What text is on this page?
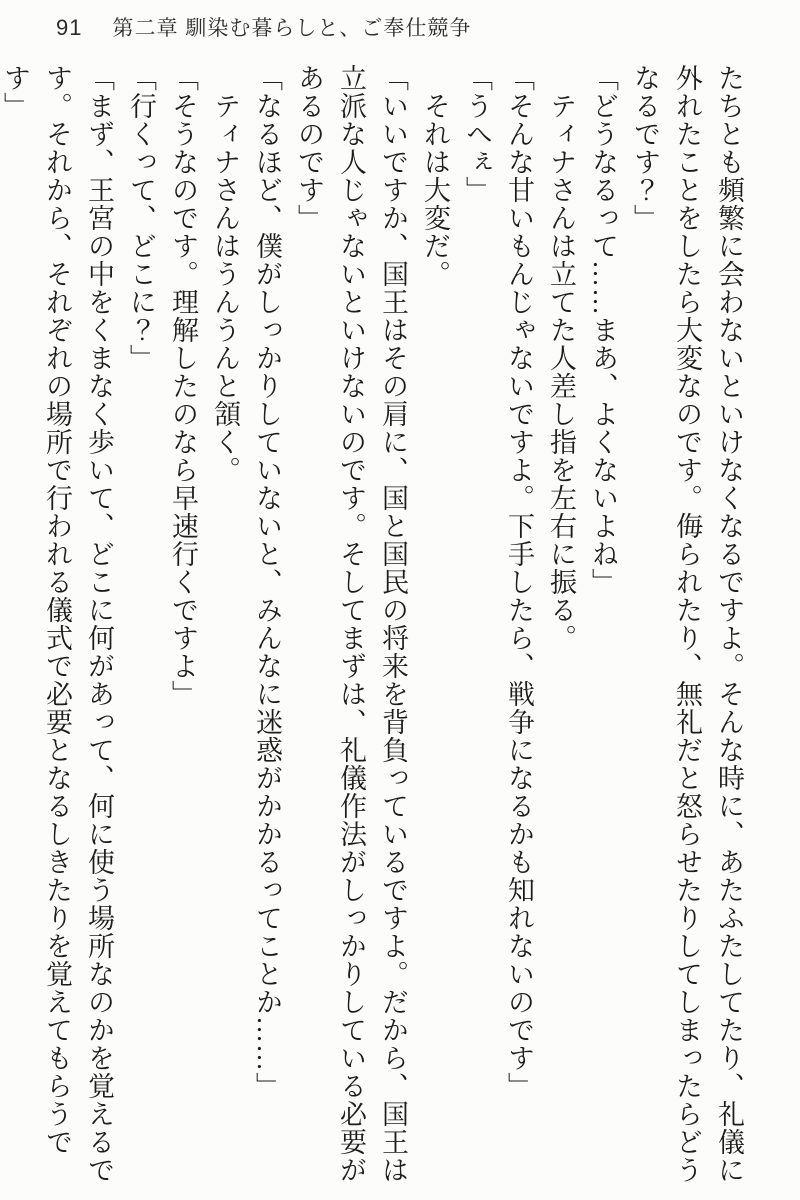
91 第二章 馴染む暮らしと、ご奉仕競争

たちとも頻繁に会わないといけなくなるですよ。そんな時に、あたふたしてたり、礼儀に

外れたことをしたら大変なのです。侮られたり、無礼だと怒らせたりしてしまったらどう

なるです？」

「どうなるって……まあ、よくないよね」

ティナさんは立てた人差し指を左右に振る。

「そんな甘いもんじゃないですよ。下手したら、戦争になるかも知れないのです」

「うへぇ」

それは大変だ。

「いいですか、国王はその肩に、国と国民の将来を背負っているですよ。だから、国王は

立派な人じゃないといけないのです。そしてまずは、礼儀作法がしっかりしている必要が

あるのです」

「なるほど、僕がしっかりしていないと、みんなに迷惑がかかるってことか……」

ティナさんはうんうんと頷く。

「そうなのです。理解したのなら早速行くですよ」

「行くって、どこに？」

「まず、王宮の中をくまなく歩いて、どこに何があって、何に使う場所なのかを覚えるで

す。それから、それぞれの場所で行われる儀式で必要となるしきたりを覚えてもらうです」
